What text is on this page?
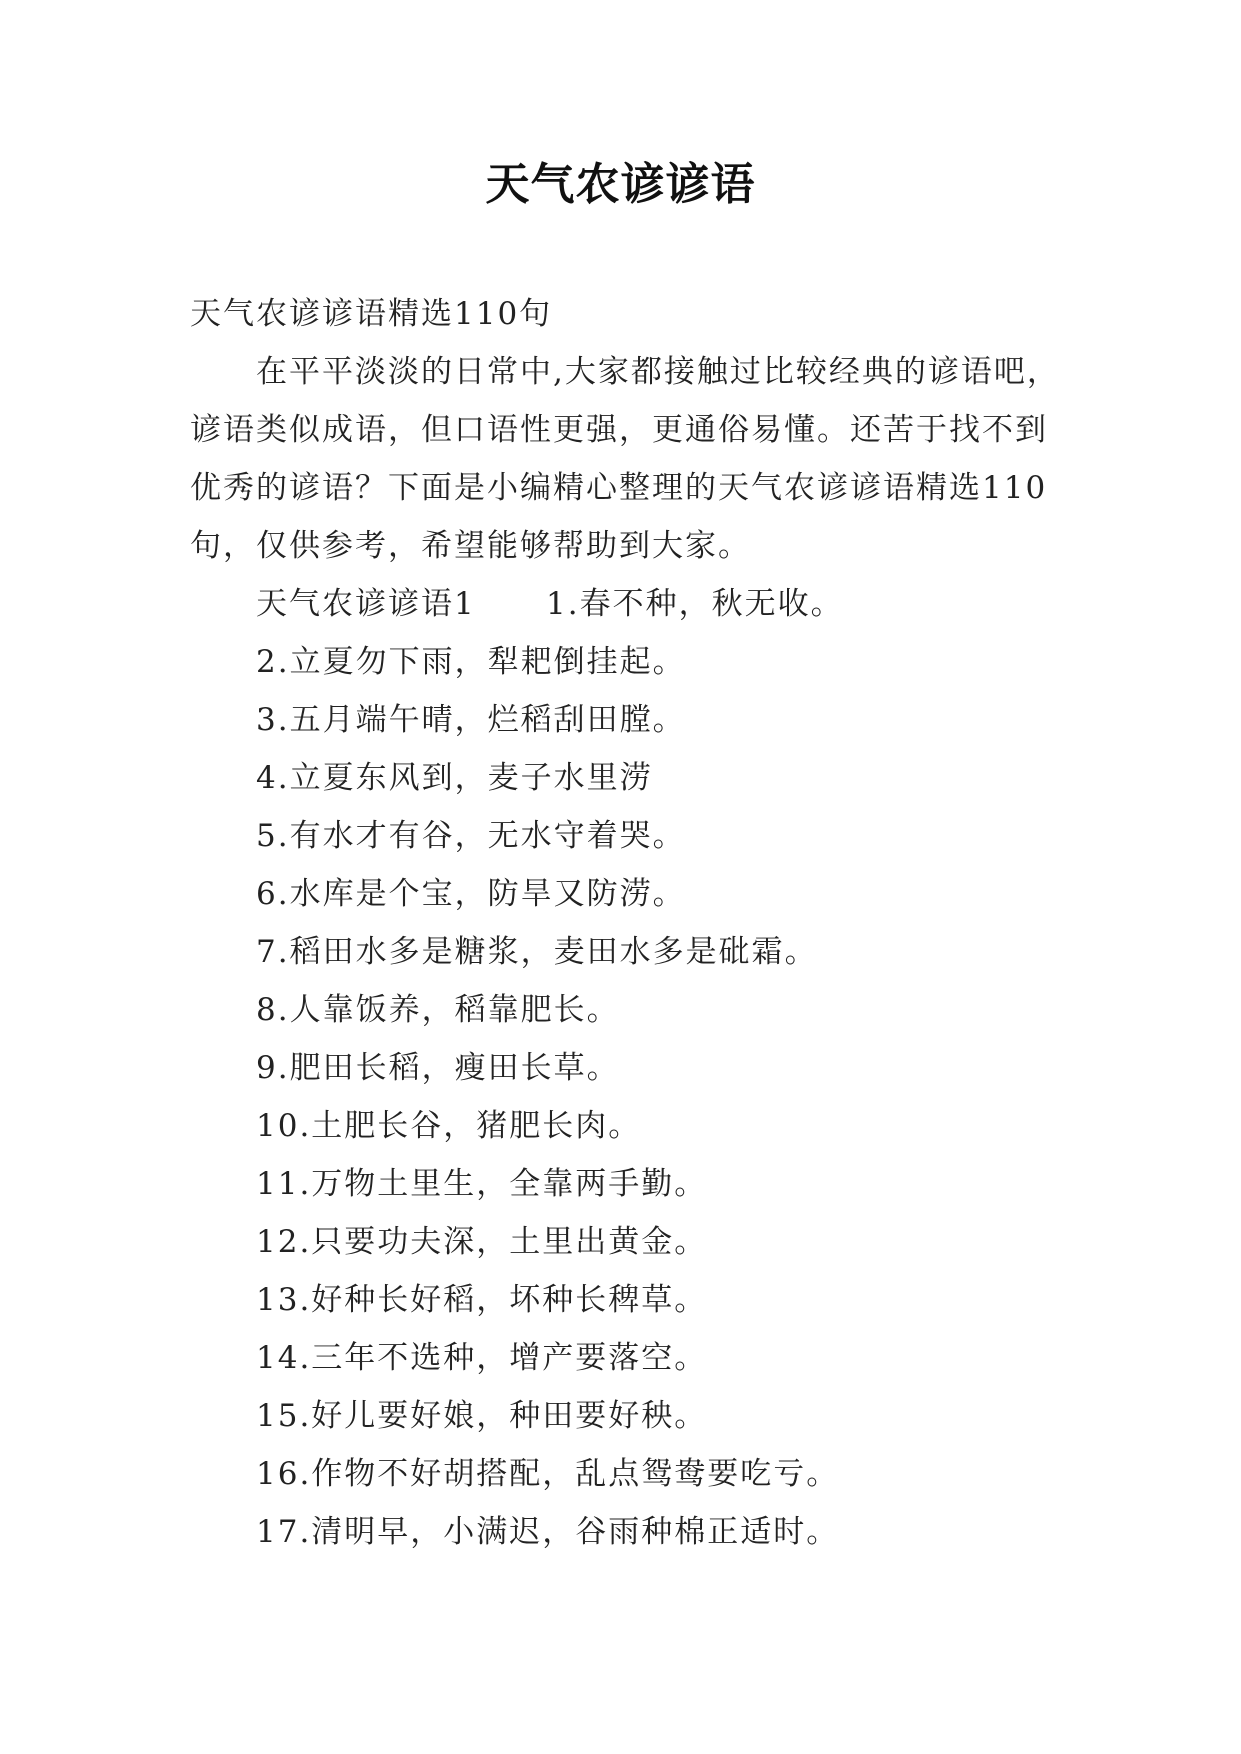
天气农谚谚语

天气农谚谚语精选110句

在平平淡淡的日常中,大家都接触过比较经典的谚语吧，谚语类似成语，但口语性更强，更通俗易懂。还苦于找不到优秀的谚语？下面是小编精心整理的天气农谚谚语精选110句，仅供参考，希望能够帮助到大家。

天气农谚谚语1 1.春不种，秋无收。

2.立夏勿下雨，犁耙倒挂起。

3.五月端午晴，烂稻刮田膛。

4.立夏东风到，麦子水里涝

5.有水才有谷，无水守着哭。

6.水库是个宝，防旱又防涝。

7.稻田水多是糖浆，麦田水多是砒霜。

8.人靠饭养，稻靠肥长。

9.肥田长稻，瘦田长草。

10.土肥长谷，猪肥长肉。

11.万物土里生，全靠两手勤。

12.只要功夫深，土里出黄金。

13.好种长好稻，坏种长稗草。

14.三年不选种，增产要落空。

15.好儿要好娘，种田要好秧。

16.作物不好胡搭配，乱点鸳鸯要吃亏。

17.清明早，小满迟，谷雨种棉正适时。
